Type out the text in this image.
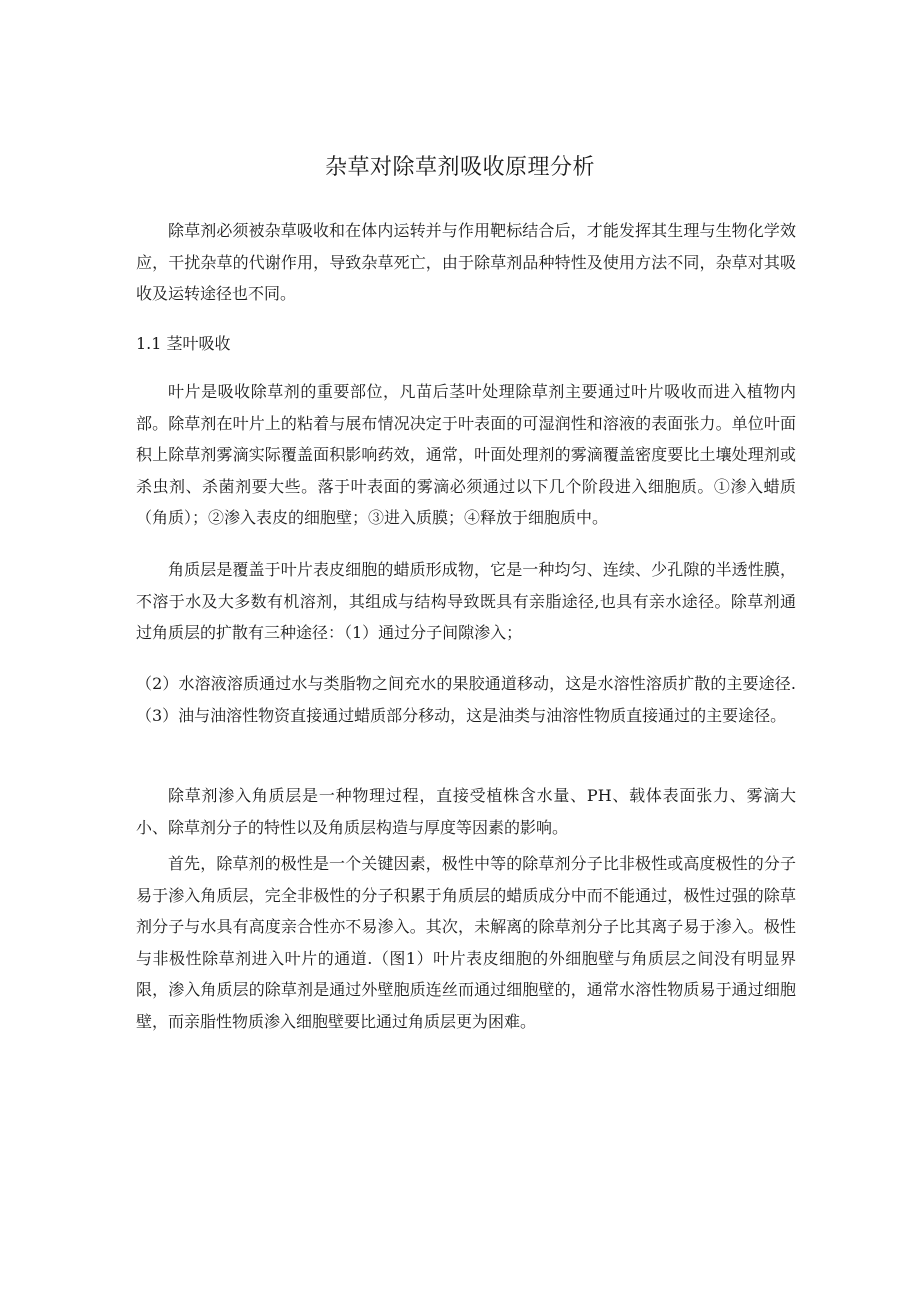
杂草对除草剂吸收原理分析

除草剂必须被杂草吸收和在体内运转并与作用靶标结合后，才能发挥其生理与生物化学效应，干扰杂草的代谢作用，导致杂草死亡，由于除草剂品种特性及使用方法不同，杂草对其吸收及运转途径也不同。

1.1 茎叶吸收

叶片是吸收除草剂的重要部位，凡苗后茎叶处理除草剂主要通过叶片吸收而进入植物内部。除草剂在叶片上的粘着与展布情况决定于叶表面的可湿润性和溶液的表面张力。单位叶面积上除草剂雾滴实际覆盖面积影响药效，通常，叶面处理剂的雾滴覆盖密度要比土壤处理剂或杀虫剂、杀菌剂要大些。落于叶表面的雾滴必须通过以下几个阶段进入细胞质。①渗入蜡质（角质）；②渗入表皮的细胞壁；③进入质膜；④释放于细胞质中。

角质层是覆盖于叶片表皮细胞的蜡质形成物，它是一种均匀、连续、少孔隙的半透性膜，不溶于水及大多数有机溶剂，其组成与结构导致既具有亲脂途径,也具有亲水途径。除草剂通过角质层的扩散有三种途径：（1）通过分子间隙渗入；

（2）水溶液溶质通过水与类脂物之间充水的果胶通道移动，这是水溶性溶质扩散的主要途径.（3）油与油溶性物资直接通过蜡质部分移动，这是油类与油溶性物质直接通过的主要途径。

除草剂渗入角质层是一种物理过程，直接受植株含水量、PH、载体表面张力、雾滴大小、除草剂分子的特性以及角质层构造与厚度等因素的影响。

首先，除草剂的极性是一个关键因素，极性中等的除草剂分子比非极性或高度极性的分子易于渗入角质层，完全非极性的分子积累于角质层的蜡质成分中而不能通过，极性过强的除草剂分子与水具有高度亲合性亦不易渗入。其次，未解离的除草剂分子比其离子易于渗入。极性与非极性除草剂进入叶片的通道.（图1）叶片表皮细胞的外细胞壁与角质层之间没有明显界限，渗入角质层的除草剂是通过外壁胞质连丝而通过细胞壁的，通常水溶性物质易于通过细胞壁，而亲脂性物质渗入细胞壁要比通过角质层更为困难。
